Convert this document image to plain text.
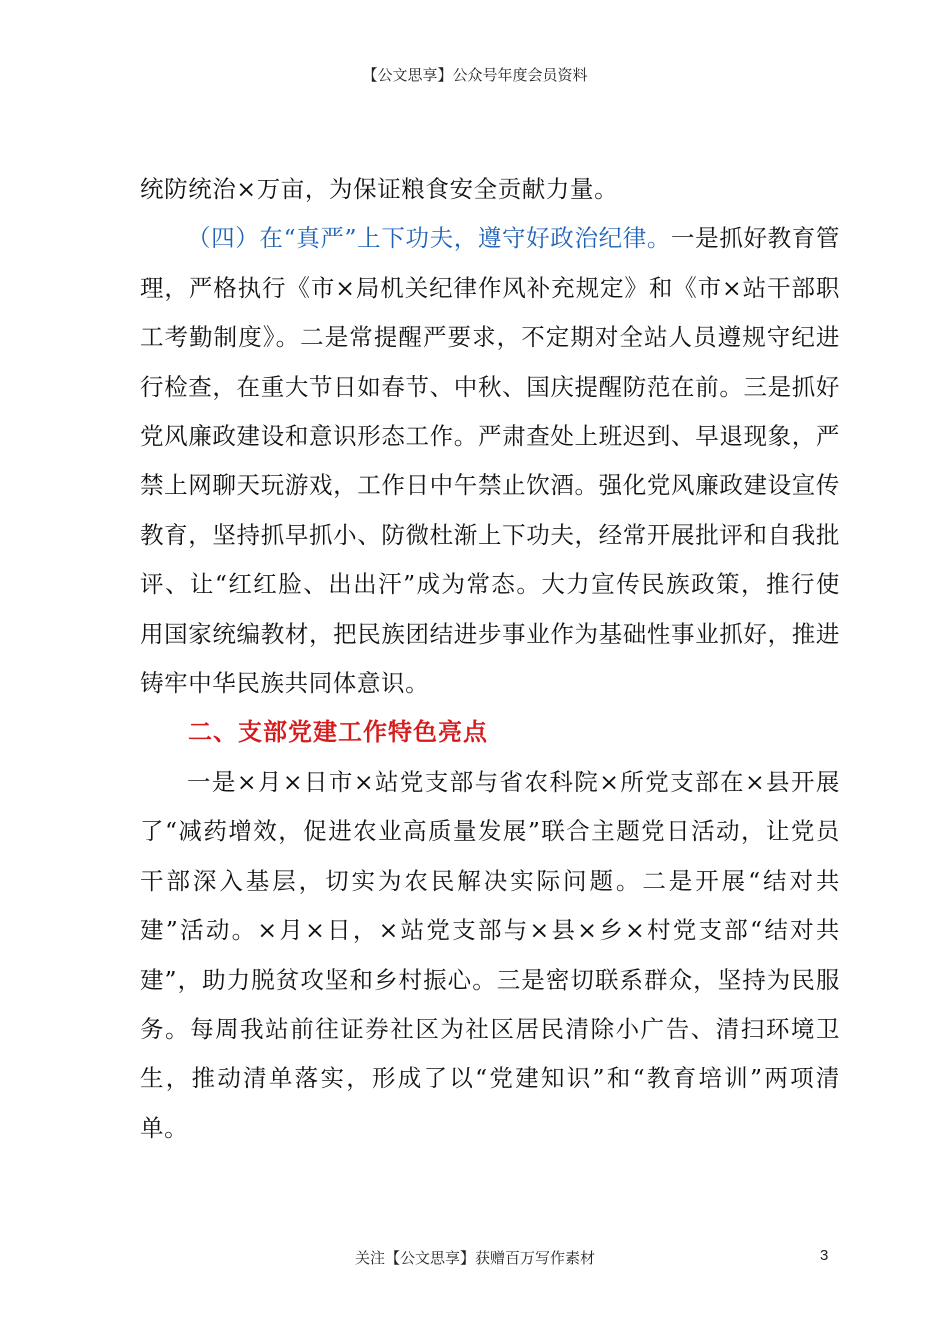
【公文思享】公众号年度会员资料

统防统治×万亩，为保证粮食安全贡献力量。

（四）在“真严”上下功夫，遵守好政治纪律。一是抓好教育管理，严格执行《市×局机关纪律作风补充规定》和《市×站干部职工考勤制度》。二是常提醒严要求，不定期对全站人员遵规守纪进行检查，在重大节日如春节、中秋、国庆提醒防范在前。三是抓好党风廉政建设和意识形态工作。严肃查处上班迟到、早退现象，严禁上网聊天玩游戏，工作日中午禁止饮酒。强化党风廉政建设宣传教育，坚持抓早抓小、防微杜渐上下功夫，经常开展批评和自我批评、让“红红脸、出出汗”成为常态。大力宣传民族政策，推行使用国家统编教材，把民族团结进步事业作为基础性事业抓好，推进铸牢中华民族共同体意识。

二、支部党建工作特色亮点

一是×月×日市×站党支部与省农科院×所党支部在×县开展了“减药增效，促进农业高质量发展”联合主题党日活动，让党员干部深入基层，切实为农民解决实际问题。二是开展“结对共建”活动。×月×日，×站党支部与×县×乡×村党支部“结对共建”，助力脱贫攻坚和乡村振心。三是密切联系群众，坚持为民服务。每周我站前往证券社区为社区居民清除小广告、清扫环境卫生，推动清单落实，形成了以“党建知识”和“教育培训”两项清单。

关注【公文思享】获赠百万写作素材	3
